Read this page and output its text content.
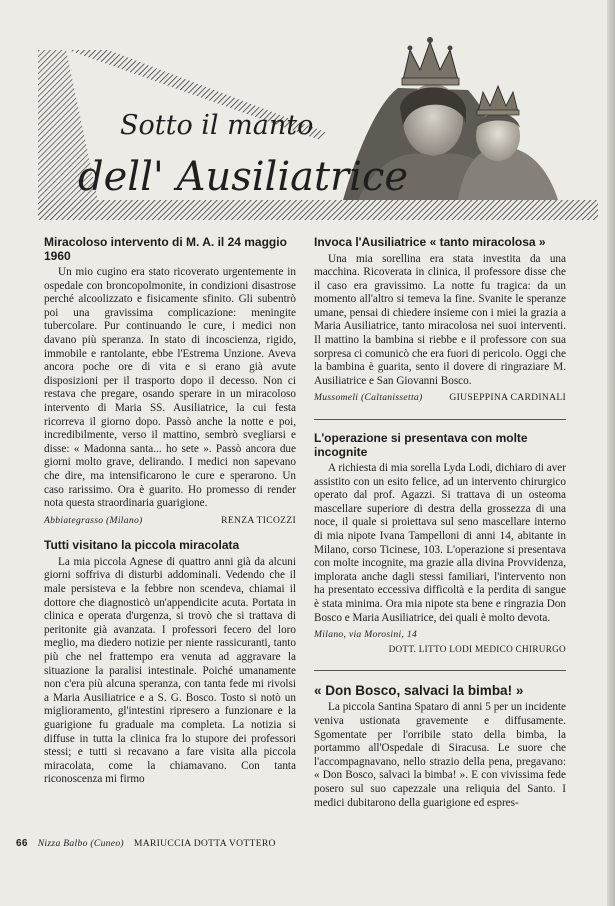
Sotto il manto
dell' Ausiliatrice
Miracoloso intervento di M. A. il 24 maggio 1960

Un mio cugino era stato ricoverato urgentemente in ospedale con broncopolmonite, in condizioni disastrose perché alcoolizzato e fisicamente sfinito. Gli subentrò poi una gravissima complicazione: meningite tubercolare. Pur continuando le cure, i medici non davano più speranza. In stato di incoscienza, rigido, immobile e rantolante, ebbe l'Estrema Unzione. Aveva ancora poche ore di vita e si erano già avute disposizioni per il trasporto dopo il decesso. Non ci restava che pregare, osando sperare in un miracoloso intervento di Maria SS. Ausiliatrice, la cui festa ricorreva il giorno dopo. Passò anche la notte e poi, incredibilmente, verso il mattino, sembrò svegliarsi e disse: « Madonna santa... ho sete ». Passò ancora due giorni molto grave, delirando. I medici non sapevano che dire, ma intensificarono le cure e sperarono. Un caso rarissimo. Ora è guarito. Ho promesso di render nota questa straordinaria guarigione.

Abbiategrasso (Milano)	RENZA TICOZZI
Tutti visitano la piccola miracolata

La mia piccola Agnese di quattro anni già da alcuni giorni soffriva di disturbi addominali. Vedendo che il male persisteva e la febbre non scendeva, chiamai il dottore che diagnosticò un'appendicite acuta. Portata in clinica e operata d'urgenza, si trovò che si trattava di peritonite già avanzata. I professori fecero del loro meglio, ma diedero notizie per niente rassicuranti, tanto più che nel frattempo era venuta ad aggravare la situazione la paralisi intestinale. Poiché umanamente non c'era più alcuna speranza, con tanta fede mi rivolsi a Maria Ausiliatrice e a S. G. Bosco. Tosto si notò un miglioramento, gl'intestini ripresero a funzionare e la guarigione fu graduale ma completa. La notizia si diffuse in tutta la clinica fra lo stupore dei professori stessi; e tutti si recavano a fare visita alla piccola miracolata, come la chiamavano. Con tanta riconoscenza mi firmo

Invoca l'Ausiliatrice « tanto miracolosa »

Una mia sorellina era stata investita da una macchina. Ricoverata in clinica, il professore disse che il caso era gravissimo. La notte fu tragica: da un momento all'altro si temeva la fine. Svanite le speranze umane, pensai di chiedere insieme con i miei la grazia a Maria Ausiliatrice, tanto miracolosa nei suoi interventi. Il mattino la bambina si riebbe e il professore con sua sorpresa ci comunicò che era fuori di pericolo. Oggi che la bambina è guarita, sento il dovere di ringraziare M. Ausiliatrice e San Giovanni Bosco.

Mussomeli (Caltanissetta)	GIUSEPPINA CARDINALI
L'operazione si presentava con molte incognite

A richiesta di mia sorella Lyda Lodi, dichiaro di aver assistito con un esito felice, ad un intervento chirurgico operato dal prof. Agazzi. Si trattava di un osteoma mascellare superiore di destra della grossezza di una noce, il quale si proiettava sul seno mascellare interno di mia nipote Ivana Tampelloni di anni 14, abitante in Milano, corso Ticinese, 103. L'operazione si presentava con molte incognite, ma grazie alla divina Provvidenza, implorata anche dagli stessi familiari, l'intervento non ha presentato eccessiva difficoltà e la perdita di sangue è stata minima. Ora mia nipote sta bene e ringrazia Don Bosco e Maria Ausiliatrice, dei quali è molto devota.

Milano, via Morosini, 14
DOTT. LITTO LODI MEDICO CHIRURGO
« Don Bosco, salvaci la bimba! »

La piccola Santina Spataro di anni 5 per un incidente veniva ustionata gravemente e diffusamente. Sgomentate per l'orribile stato della bimba, la portammo all'Ospedale di Siracusa. Le suore che l'accompagnavano, nello strazio della pena, pregavano: « Don Bosco, salvaci la bimba! ». E con vivissima fede posero sul suo capezzale una reliquia del Santo. I medici dubitarono della guarigione ed espres-

66 Nizza Balbo (Cuneo) MARIUCCIA DOTTA VOTTERO
